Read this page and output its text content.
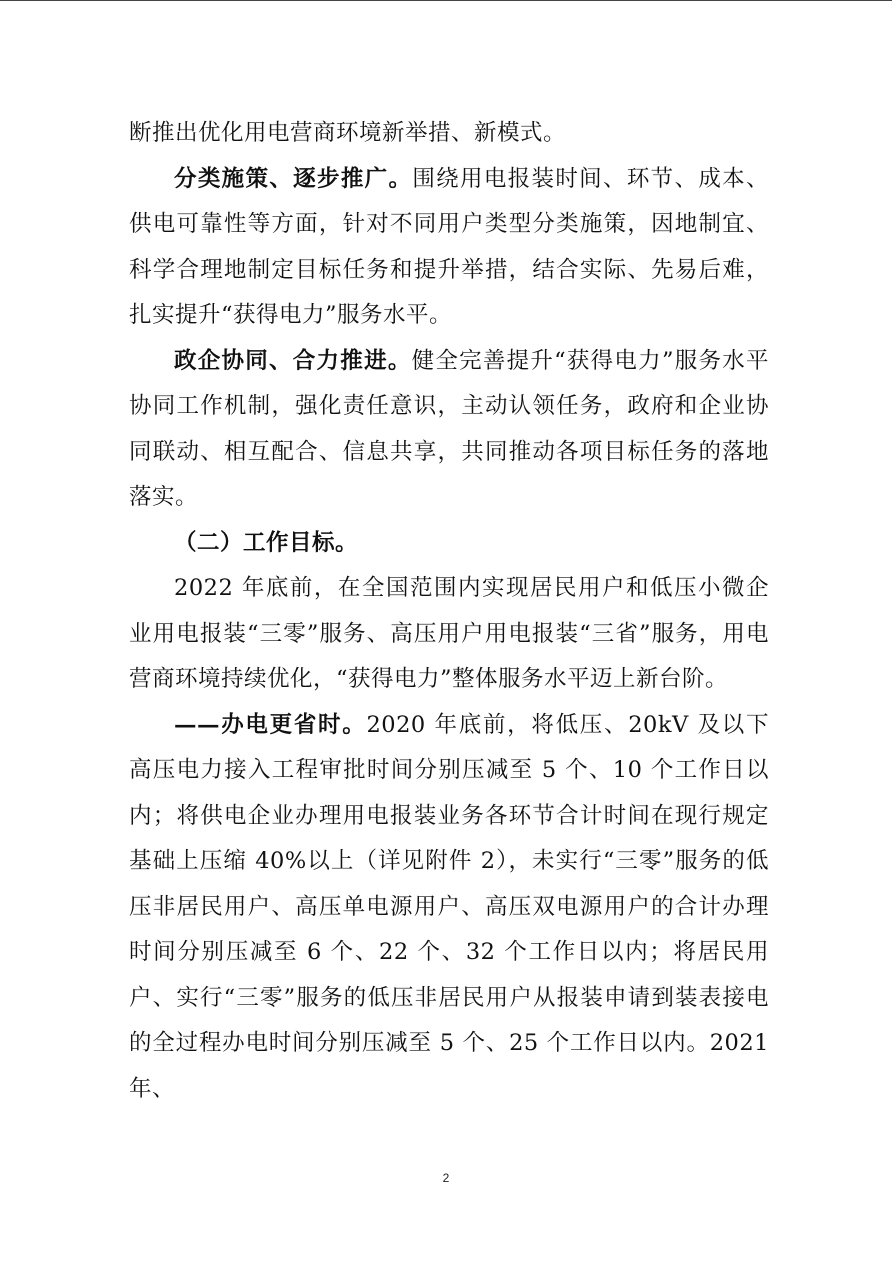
断推出优化用电营商环境新举措、新模式。

分类施策、逐步推广。围绕用电报装时间、环节、成本、供电可靠性等方面，针对不同用户类型分类施策，因地制宜、科学合理地制定目标任务和提升举措，结合实际、先易后难，扎实提升“获得电力”服务水平。

政企协同、合力推进。健全完善提升“获得电力”服务水平协同工作机制，强化责任意识，主动认领任务，政府和企业协同联动、相互配合、信息共享，共同推动各项目标任务的落地落实。

（二）工作目标。

2022 年底前，在全国范围内实现居民用户和低压小微企业用电报装“三零”服务、高压用户用电报装“三省”服务，用电营商环境持续优化，“获得电力”整体服务水平迈上新台阶。

——办电更省时。2020 年底前，将低压、20kV 及以下高压电力接入工程审批时间分别压减至 5 个、10 个工作日以内；将供电企业办理用电报装业务各环节合计时间在现行规定基础上压缩 40%以上（详见附件 2），未实行“三零”服务的低压非居民用户、高压单电源用户、高压双电源用户的合计办理时间分别压减至 6 个、22 个、32 个工作日以内；将居民用户、实行“三零”服务的低压非居民用户从报装申请到装表接电的全过程办电时间分别压减至 5 个、25 个工作日以内。2021 年、

2
